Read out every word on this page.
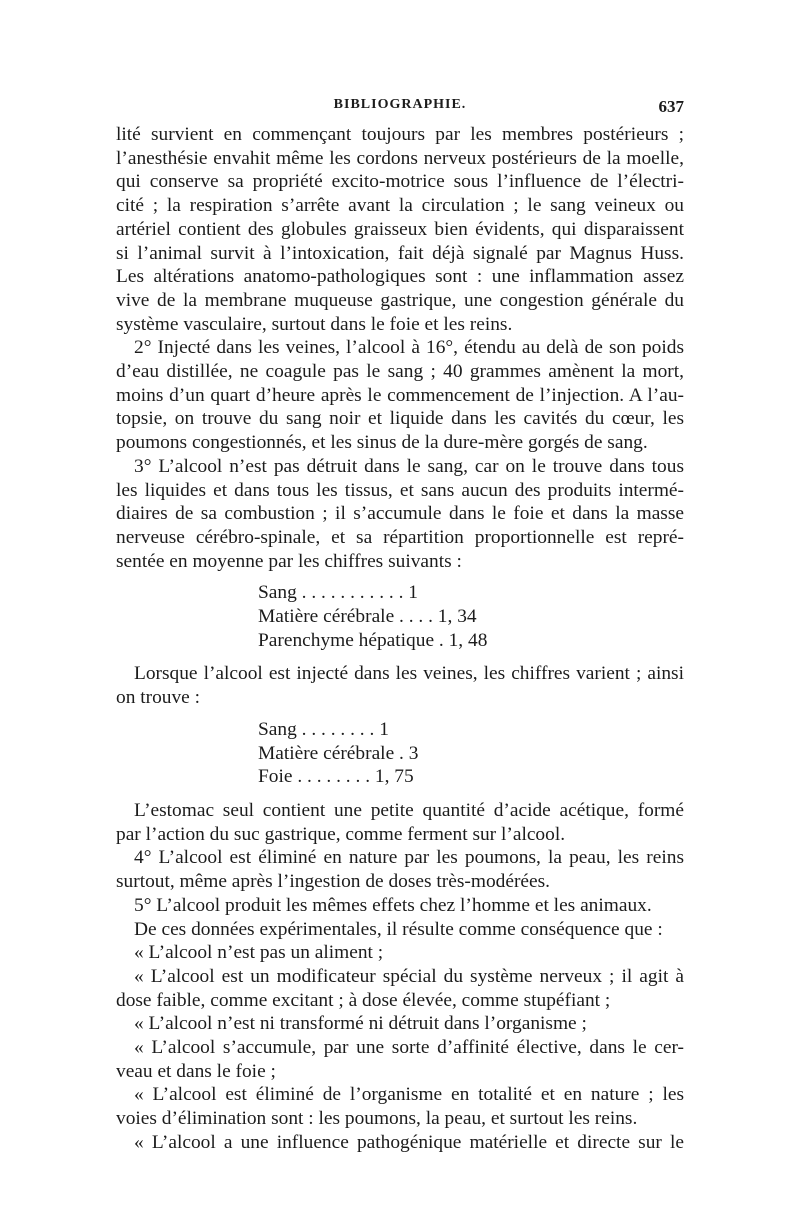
BIBLIOGRAPHIE.	637

lité survient en commençant toujours par les membres postérieurs ;
l’anesthésie envahit même les cordons nerveux postérieurs de la moelle,
qui conserve sa propriété excito-motrice sous l’influence de l’électri-
cité ; la respiration s’arrête avant la circulation ; le sang veineux ou
artériel contient des globules graisseux bien évidents, qui disparaissent
si l’animal survit à l’intoxication, fait déjà signalé par Magnus Huss.
Les altérations anatomo-pathologiques sont : une inflammation assez
vive de la membrane muqueuse gastrique, une congestion générale du
système vasculaire, surtout dans le foie et les reins.

2° Injecté dans les veines, l’alcool à 16°, étendu au delà de son poids
d’eau distillée, ne coagule pas le sang ; 40 grammes amènent la mort,
moins d’un quart d’heure après le commencement de l’injection. A l’au-
topsie, on trouve du sang noir et liquide dans les cavités du cœur, les
poumons congestionnés, et les sinus de la dure-mère gorgés de sang.

3° L’alcool n’est pas détruit dans le sang, car on le trouve dans tous
les liquides et dans tous les tissus, et sans aucun des produits intermé-
diaires de sa combustion ; il s’accumule dans le foie et dans la masse
nerveuse cérébro-spinale, et sa répartition proportionnelle est repré-
sentée en moyenne par les chiffres suivants :

Sang . . . . . . . . . . . 1
Matière cérébrale . . . . 1, 34
Parenchyme hépatique . 1, 48

Lorsque l’alcool est injecté dans les veines, les chiffres varient ; ainsi
on trouve :

Sang . . . . . . . . 1
Matière cérébrale . 3
Foie . . . . . . . . 1, 75

L’estomac seul contient une petite quantité d’acide acétique, formé
par l’action du suc gastrique, comme ferment sur l’alcool.

4° L’alcool est éliminé en nature par les poumons, la peau, les reins
surtout, même après l’ingestion de doses très-modérées.

5° L’alcool produit les mêmes effets chez l’homme et les animaux.

De ces données expérimentales, il résulte comme conséquence que :

« L’alcool n’est pas un aliment ;

« L’alcool est un modificateur spécial du système nerveux ; il agit à
dose faible, comme excitant ; à dose élevée, comme stupéfiant ;

« L’alcool n’est ni transformé ni détruit dans l’organisme ;

« L’alcool s’accumule, par une sorte d’affinité élective, dans le cer-
veau et dans le foie ;

« L’alcool est éliminé de l’organisme en totalité et en nature ; les
voies d’élimination sont : les poumons, la peau, et surtout les reins.

« L’alcool a une influence pathogénique matérielle et directe sur le
